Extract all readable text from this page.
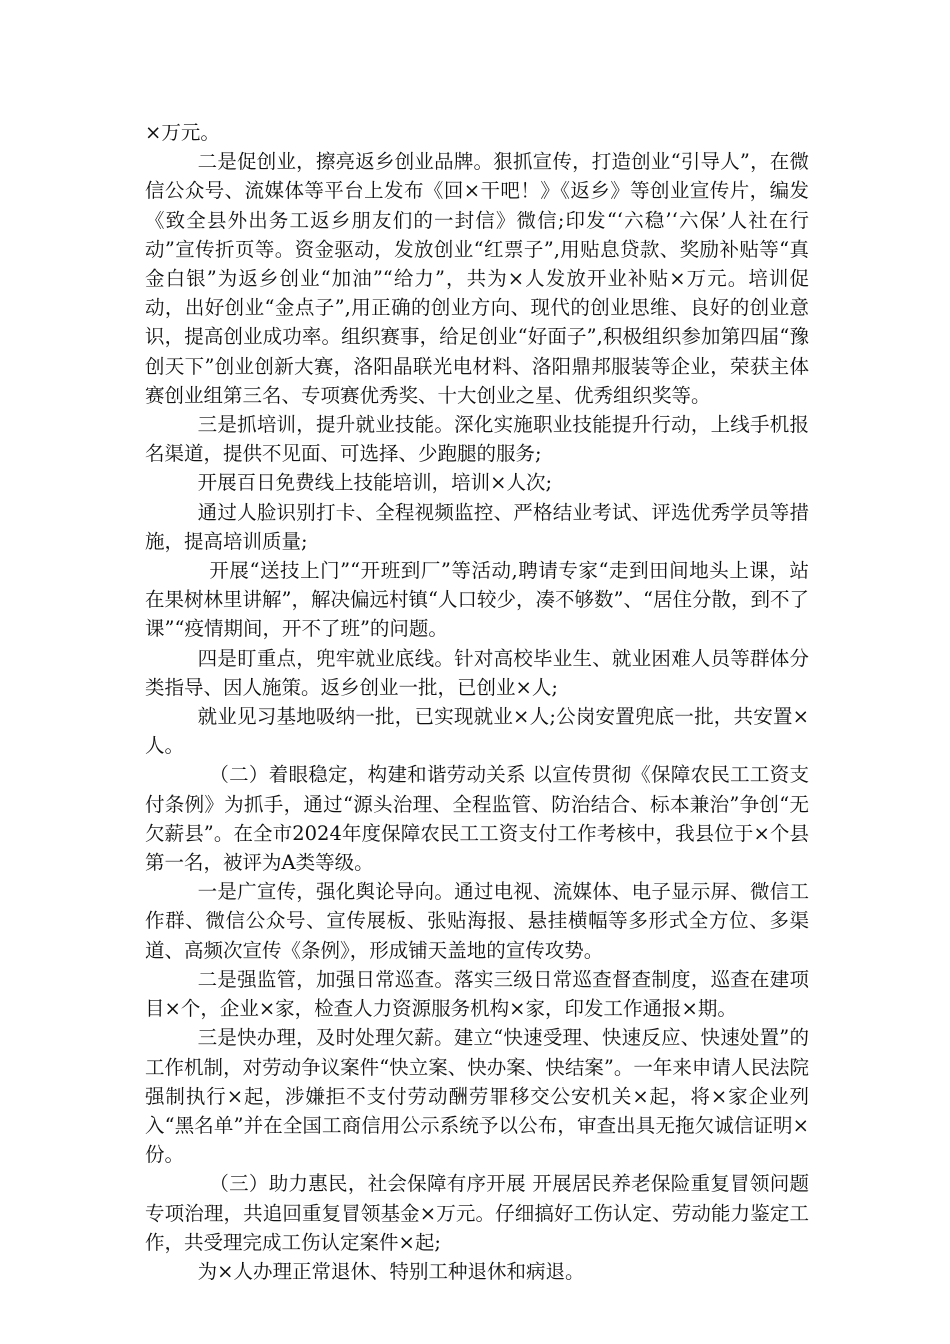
×万元。

二是促创业，擦亮返乡创业品牌。狠抓宣传，打造创业“引导人”，在微信公众号、流媒体等平台上发布《回×干吧！》《返乡》等创业宣传片，编发《致全县外出务工返乡朋友们的一封信》微信;印发“‘六稳’‘六保’人社在行动”宣传折页等。资金驱动，发放创业“红票子”,用贴息贷款、奖励补贴等“真金白银”为返乡创业“加油”“给力”，共为×人发放开业补贴×万元。培训促动，出好创业“金点子”,用正确的创业方向、现代的创业思维、良好的创业意识，提高创业成功率。组织赛事，给足创业“好面子”,积极组织参加第四届“豫创天下”创业创新大赛，洛阳晶联光电材料、洛阳鼎邦服装等企业，荣获主体赛创业组第三名、专项赛优秀奖、十大创业之星、优秀组织奖等。

三是抓培训，提升就业技能。深化实施职业技能提升行动，上线手机报名渠道，提供不见面、可选择、少跑腿的服务;

开展百日免费线上技能培训，培训×人次;

通过人脸识别打卡、全程视频监控、严格结业考试、评选优秀学员等措施，提高培训质量;

开展“送技上门”“开班到厂”等活动,聘请专家“走到田间地头上课，站在果树林里讲解”，解决偏远村镇“人口较少，凑不够数”、“居住分散，到不了课”“疫情期间，开不了班”的问题。

四是盯重点，兜牢就业底线。针对高校毕业生、就业困难人员等群体分类指导、因人施策。返乡创业一批，已创业×人;

就业见习基地吸纳一批，已实现就业×人;公岗安置兜底一批，共安置×人。

（二）着眼稳定，构建和谐劳动关系 以宣传贯彻《保障农民工工资支付条例》为抓手，通过“源头治理、全程监管、防治结合、标本兼治”争创“无欠薪县”。在全市2024年度保障农民工工资支付工作考核中，我县位于×个县第一名，被评为A类等级。

一是广宣传，强化舆论导向。通过电视、流媒体、电子显示屏、微信工作群、微信公众号、宣传展板、张贴海报、悬挂横幅等多形式全方位、多渠道、高频次宣传《条例》，形成铺天盖地的宣传攻势。

二是强监管，加强日常巡查。落实三级日常巡查督查制度，巡查在建项目×个，企业×家，检查人力资源服务机构×家，印发工作通报×期。

三是快办理，及时处理欠薪。建立“快速受理、快速反应、快速处置”的工作机制，对劳动争议案件“快立案、快办案、快结案”。一年来申请人民法院强制执行×起，涉嫌拒不支付劳动酬劳罪移交公安机关×起，将×家企业列入“黑名单”并在全国工商信用公示系统予以公布，审查出具无拖欠诚信证明×份。

（三）助力惠民，社会保障有序开展 开展居民养老保险重复冒领问题专项治理，共追回重复冒领基金×万元。仔细搞好工伤认定、劳动能力鉴定工作，共受理完成工伤认定案件×起;

为×人办理正常退休、特别工种退休和病退。
